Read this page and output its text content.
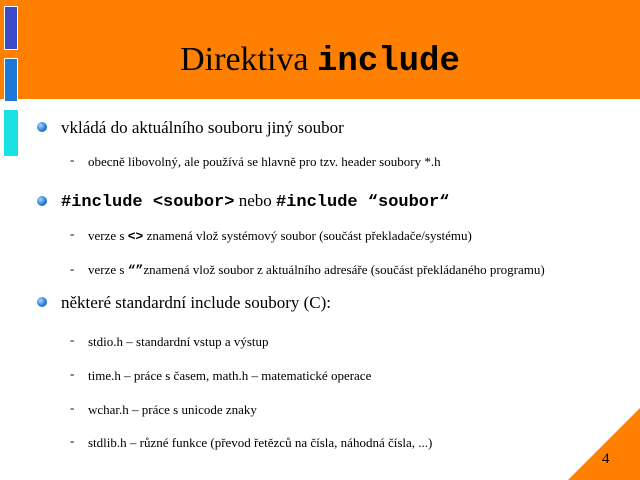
Direktiva include
vkládá do aktuálního souboru jiný soubor
- obecně libovolný, ale používá se hlavně pro tzv. header soubory *.h
#include <soubor> nebo #include “soubor“
- verze s <> znamená vlož systémový soubor (součást překladače/systému)
- verze s “”znamená vlož soubor z aktuálního adresáře (součást překládaného programu)
některé standardní include soubory (C):
- stdio.h – standardní vstup a výstup
- time.h – práce s časem, math.h – matematické operace
- wchar.h – práce s unicode znaky
- stdlib.h – různé funkce (převod řetězců na čísla, náhodná čísla, ...)
4
